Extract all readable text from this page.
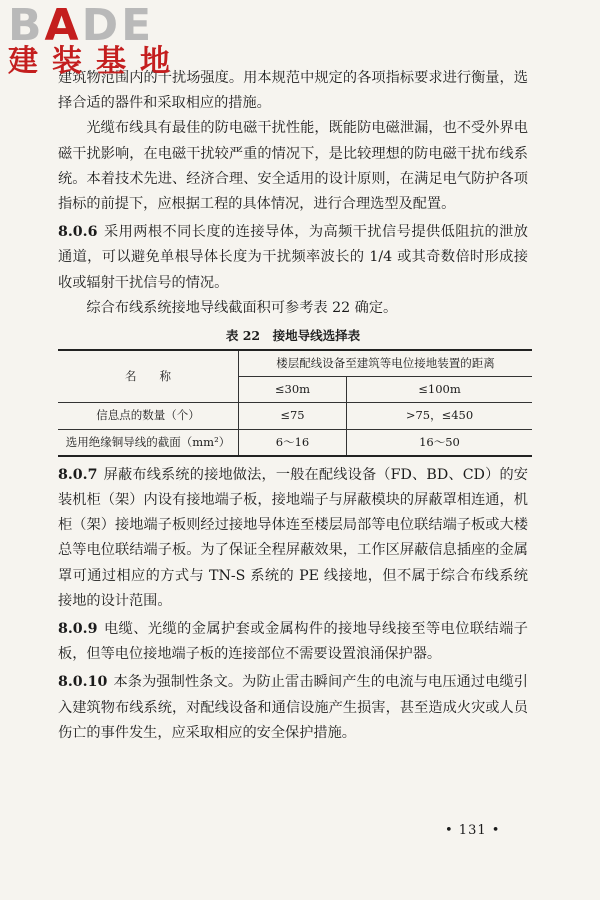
BADE
建装基地

建筑物范围内的干扰场强度。用本规范中规定的各项指标要求进行衡量，选择合适的器件和采取相应的措施。

光缆布线具有最佳的防电磁干扰性能，既能防电磁泄漏，也不受外界电磁干扰影响，在电磁干扰较严重的情况下，是比较理想的防电磁干扰布线系统。本着技术先进、经济合理、安全适用的设计原则，在满足电气防护各项指标的前提下，应根据工程的具体情况，进行合理选型及配置。

8.0.6 采用两根不同长度的连接导体，为高频干扰信号提供低阻抗的泄放通道，可以避免单根导体长度为干扰频率波长的 1/4 或其奇数倍时形成接收或辐射干扰信号的情况。

综合布线系统接地导线截面积可参考表 22 确定。

表 22　接地导线选择表
名　　称	楼层配线设备至建筑等电位接地装置的距离	
	≤30m	≤100m
信息点的数量（个）	≤75	>75，≤450
选用绝缘铜导线的截面（mm²）	6～16	16～50

8.0.7 屏蔽布线系统的接地做法，一般在配线设备（FD、BD、CD）的安装机柜（架）内设有接地端子板，接地端子与屏蔽模块的屏蔽罩相连通，机柜（架）接地端子板则经过接地导体连至楼层局部等电位联结端子板或大楼总等电位联结端子板。为了保证全程屏蔽效果，工作区屏蔽信息插座的金属罩可通过相应的方式与 TN-S 系统的 PE 线接地，但不属于综合布线系统接地的设计范围。

8.0.9 电缆、光缆的金属护套或金属构件的接地导线接至等电位联结端子板，但等电位接地端子板的连接部位不需要设置浪涌保护器。

8.0.10 本条为强制性条文。为防止雷击瞬间产生的电流与电压通过电缆引入建筑物布线系统，对配线设备和通信设施产生损害，甚至造成火灾或人员伤亡的事件发生，应采取相应的安全保护措施。

• 131 •
